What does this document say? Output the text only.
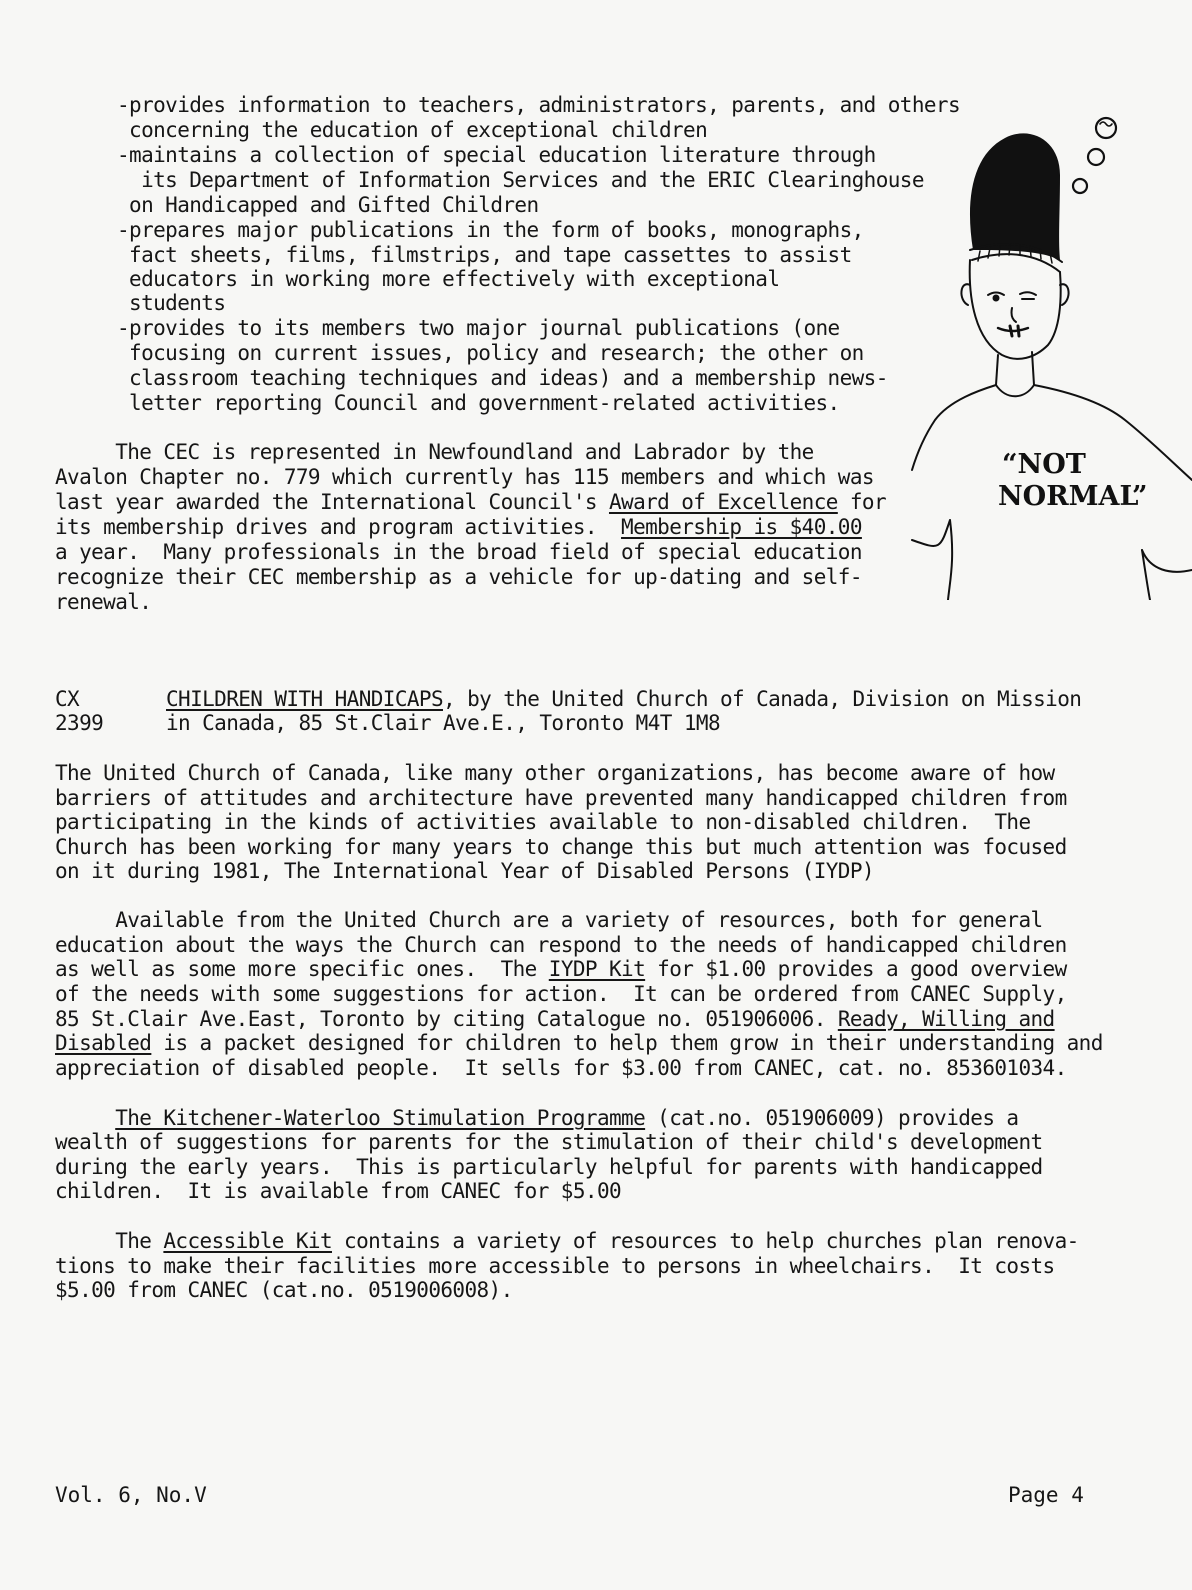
-provides information to teachers, administrators, parents, and others

concerning the education of exceptional children

-maintains a collection of special education literature through

its Department of Information Services and the ERIC Clearinghouse

on Handicapped and Gifted Children

-prepares major publications in the form of books, monographs,

fact sheets, films, filmstrips, and tape cassettes to assist

educators in working more effectively with exceptional

students

-provides to its members two major journal publications (one

focusing on current issues, policy and research; the other on

classroom teaching techniques and ideas) and a membership news-

letter reporting Council and government-related activities.

The CEC is represented in Newfoundland and Labrador by the

Avalon Chapter no. 779 which currently has 115 members and which was

last year awarded the International Council's Award of Excellence for

its membership drives and program activities.  Membership is $40.00

a year.  Many professionals in the broad field of special education

recognize their CEC membership as a vehicle for up-dating and self-

renewal.

CX

2399

CHILDREN WITH HANDICAPS, by the United Church of Canada, Division on Mission

in Canada, 85 St.Clair Ave.E., Toronto M4T 1M8

The United Church of Canada, like many other organizations, has become aware of how

barriers of attitudes and architecture have prevented many handicapped children from

participating in the kinds of activities available to non-disabled children.  The

Church has been working for many years to change this but much attention was focused

on it during 1981, The International Year of Disabled Persons (IYDP)

Available from the United Church are a variety of resources, both for general

education about the ways the Church can respond to the needs of handicapped children

as well as some more specific ones.  The IYDP Kit for $1.00 provides a good overview

of the needs with some suggestions for action.  It can be ordered from CANEC Supply,

85 St.Clair Ave.East, Toronto by citing Catalogue no. 051906006. Ready, Willing and

Disabled is a packet designed for children to help them grow in their understanding and

appreciation of disabled people.  It sells for $3.00 from CANEC, cat. no. 853601034.

The Kitchener-Waterloo Stimulation Programme (cat.no. 051906009) provides a

wealth of suggestions for parents for the stimulation of their child's development

during the early years.  This is particularly helpful for parents with handicapped

children.  It is available from CANEC for $5.00

The Accessible Kit contains a variety of resources to help churches plan renova-

tions to make their facilities more accessible to persons in wheelchairs.  It costs

$5.00 from CANEC (cat.no. 0519006008).

Vol. 6, No.V	Page 4
“NOT
NORMAL”
